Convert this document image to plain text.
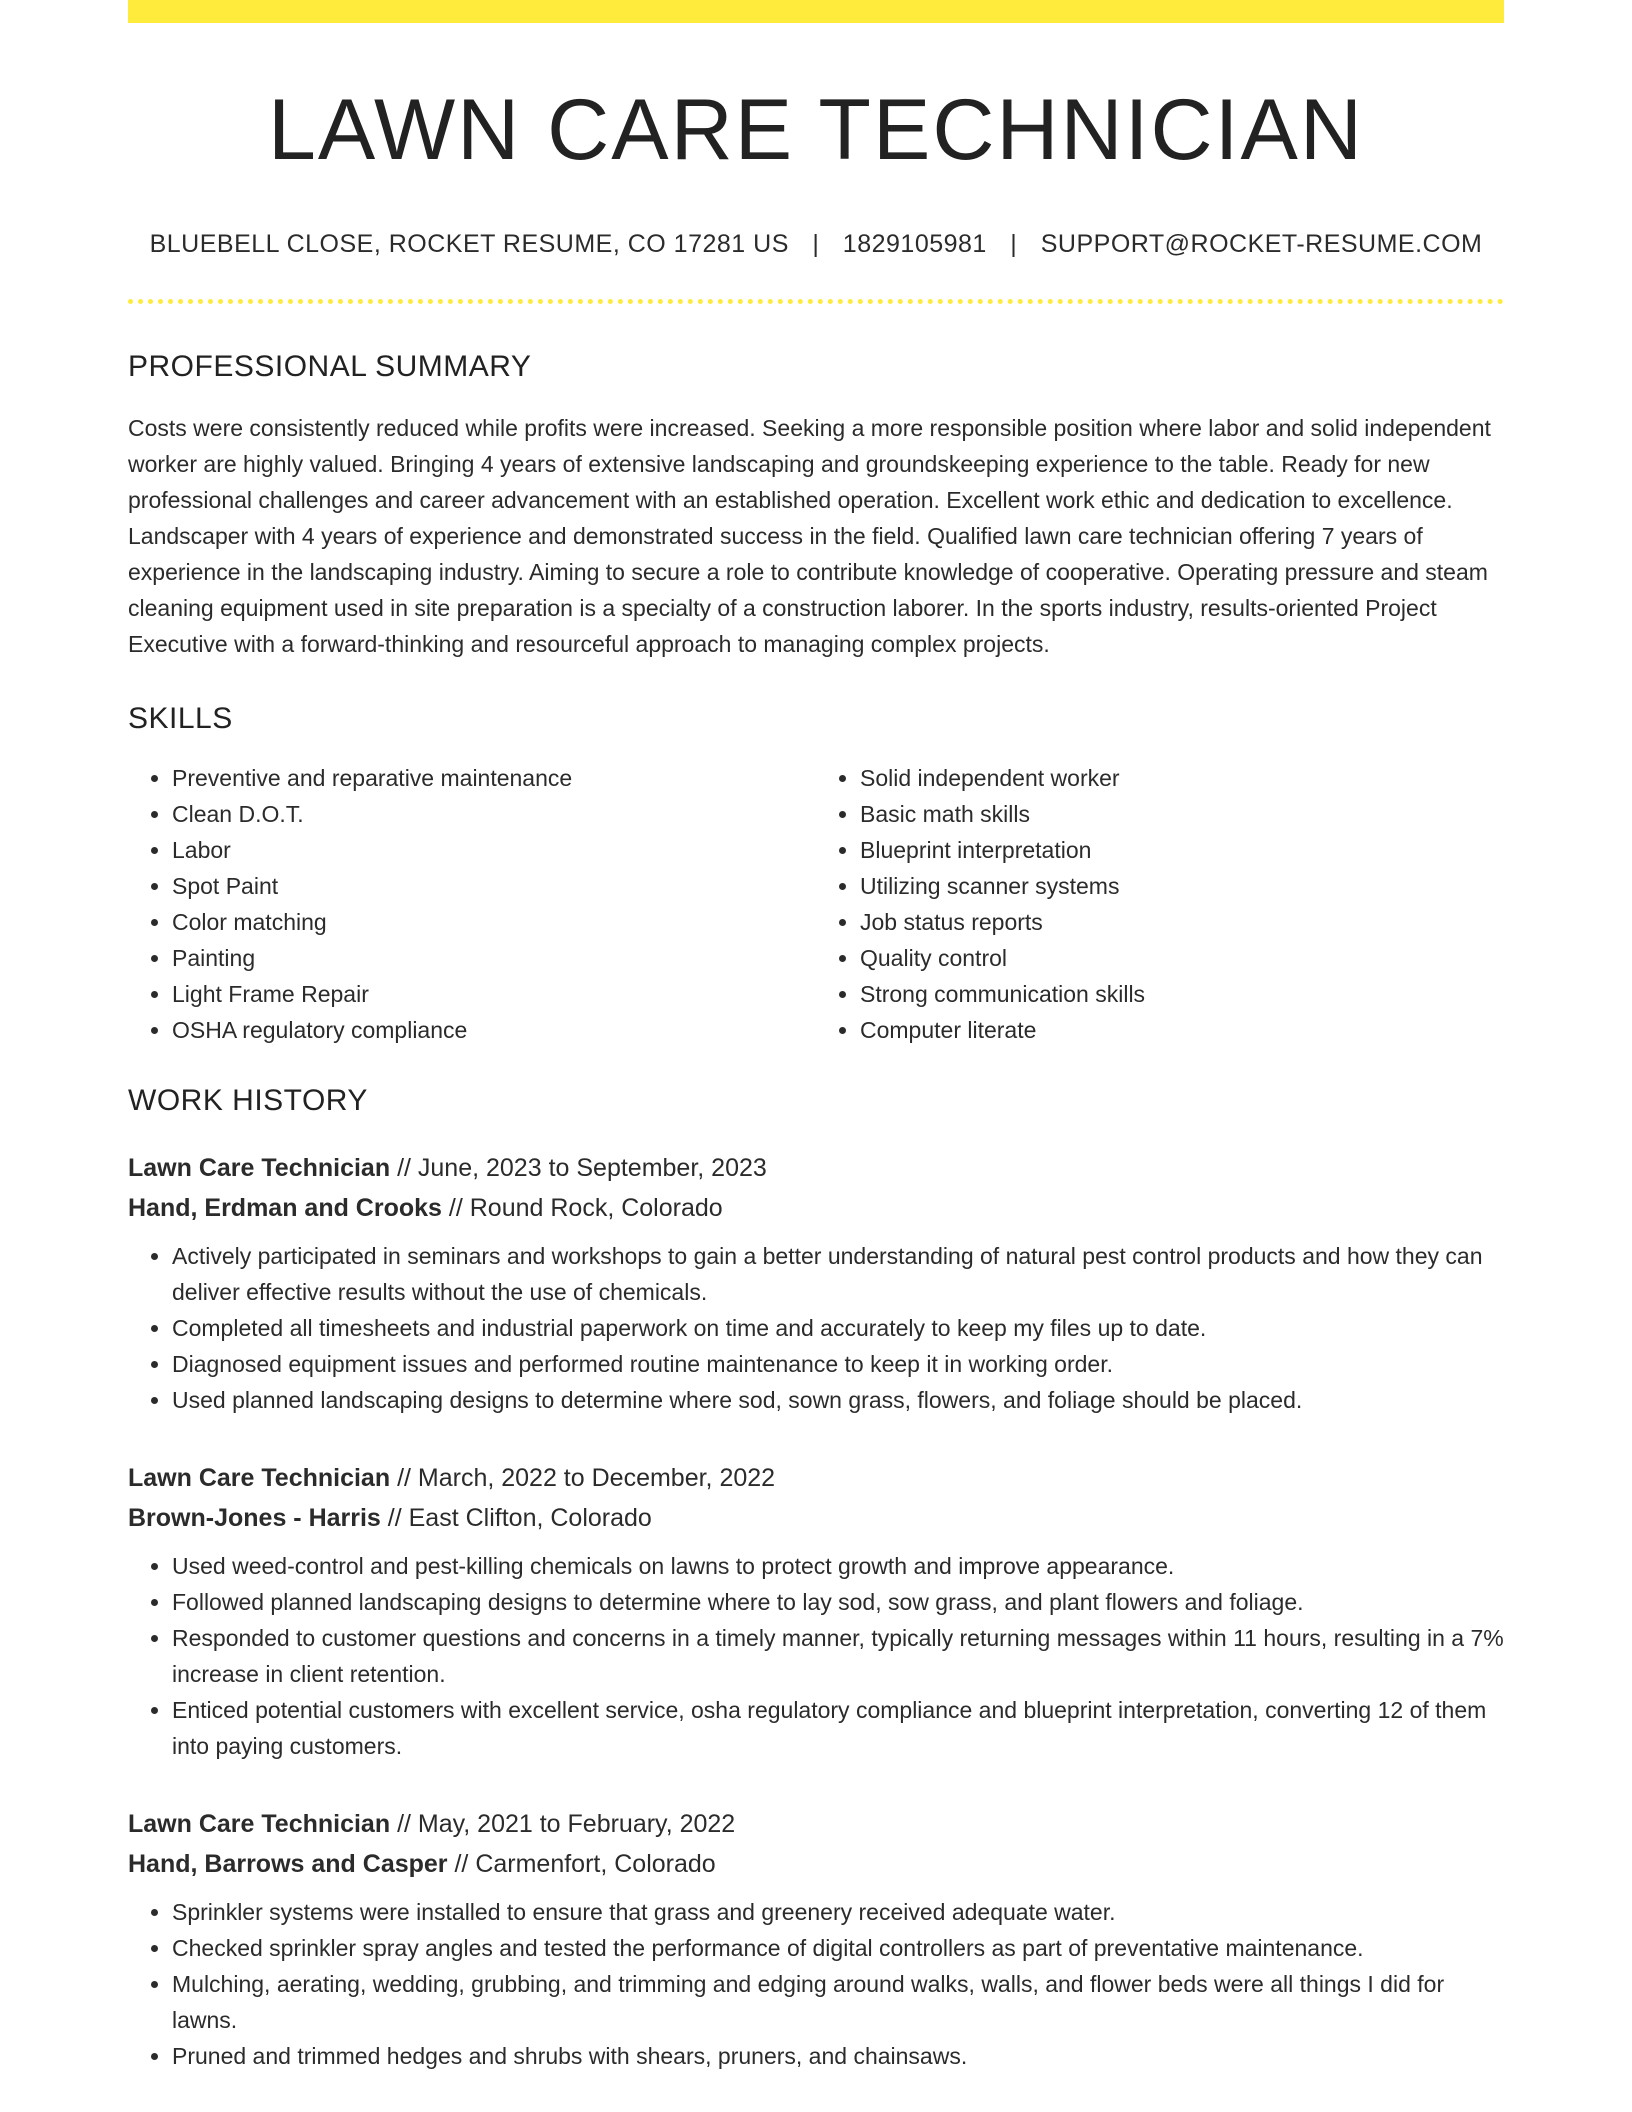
LAWN CARE TECHNICIAN
BLUEBELL CLOSE, ROCKET RESUME, CO 17281 US | 1829105981 | SUPPORT@ROCKET-RESUME.COM
PROFESSIONAL SUMMARY
Costs were consistently reduced while profits were increased. Seeking a more responsible position where labor and solid independent worker are highly valued. Bringing 4 years of extensive landscaping and groundskeeping experience to the table. Ready for new professional challenges and career advancement with an established operation. Excellent work ethic and dedication to excellence. Landscaper with 4 years of experience and demonstrated success in the field. Qualified lawn care technician offering 7 years of experience in the landscaping industry. Aiming to secure a role to contribute knowledge of cooperative. Operating pressure and steam cleaning equipment used in site preparation is a specialty of a construction laborer. In the sports industry, results-oriented Project Executive with a forward-thinking and resourceful approach to managing complex projects.
SKILLS
• Preventive and reparative maintenance
• Clean D.O.T.
• Labor
• Spot Paint
• Color matching
• Painting
• Light Frame Repair
• OSHA regulatory compliance
• Solid independent worker
• Basic math skills
• Blueprint interpretation
• Utilizing scanner systems
• Job status reports
• Quality control
• Strong communication skills
• Computer literate
WORK HISTORY
Lawn Care Technician // June, 2023 to September, 2023
Hand, Erdman and Crooks // Round Rock, Colorado
• Actively participated in seminars and workshops to gain a better understanding of natural pest control products and how they can deliver effective results without the use of chemicals.
• Completed all timesheets and industrial paperwork on time and accurately to keep my files up to date.
• Diagnosed equipment issues and performed routine maintenance to keep it in working order.
• Used planned landscaping designs to determine where sod, sown grass, flowers, and foliage should be placed.
Lawn Care Technician // March, 2022 to December, 2022
Brown-Jones - Harris // East Clifton, Colorado
• Used weed-control and pest-killing chemicals on lawns to protect growth and improve appearance.
• Followed planned landscaping designs to determine where to lay sod, sow grass, and plant flowers and foliage.
• Responded to customer questions and concerns in a timely manner, typically returning messages within 11 hours, resulting in a 7% increase in client retention.
• Enticed potential customers with excellent service, osha regulatory compliance and blueprint interpretation, converting 12 of them into paying customers.
Lawn Care Technician // May, 2021 to February, 2022
Hand, Barrows and Casper // Carmenfort, Colorado
• Sprinkler systems were installed to ensure that grass and greenery received adequate water.
• Checked sprinkler spray angles and tested the performance of digital controllers as part of preventative maintenance.
• Mulching, aerating, wedding, grubbing, and trimming and edging around walks, walls, and flower beds were all things I did for lawns.
• Pruned and trimmed hedges and shrubs with shears, pruners, and chainsaws.
